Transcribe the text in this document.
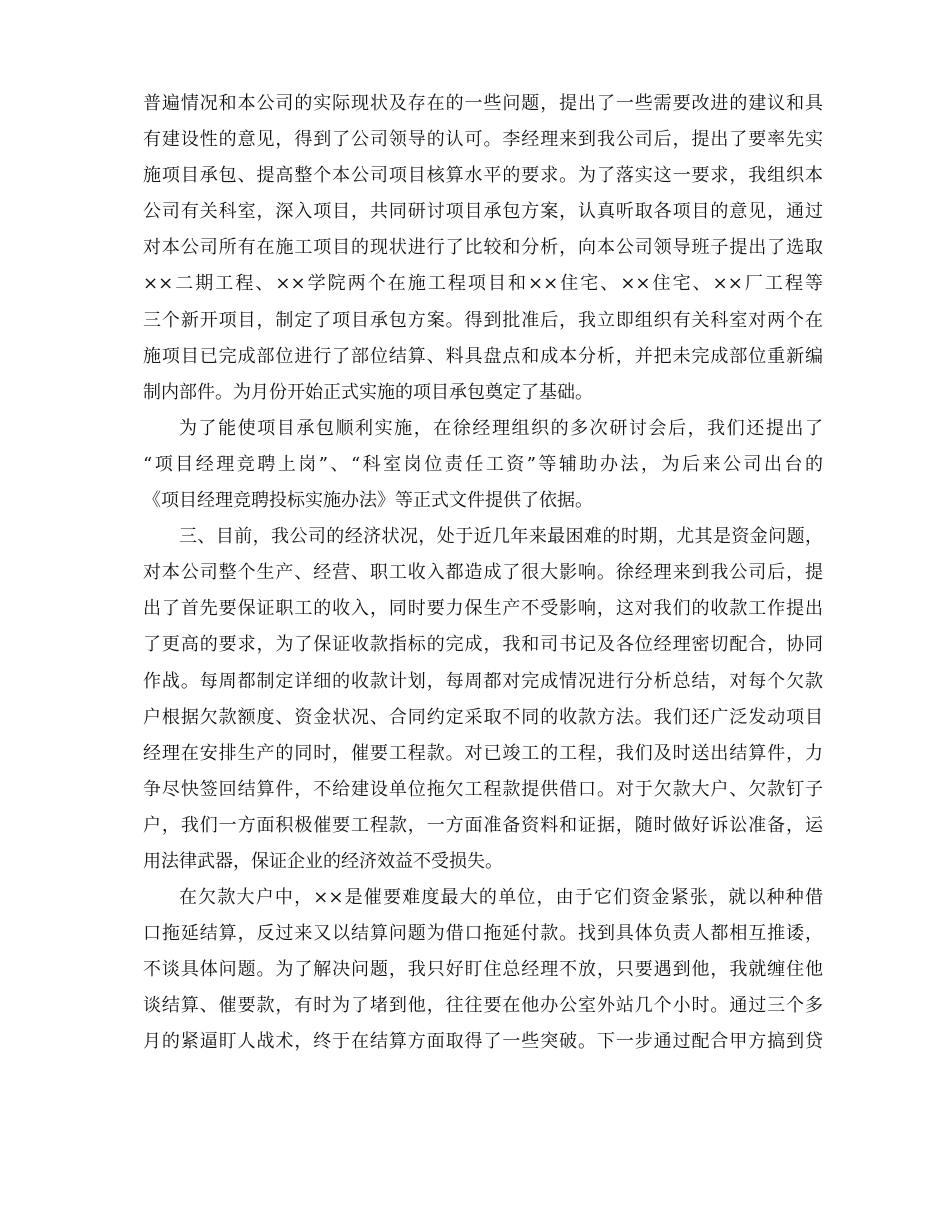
普遍情况和本公司的实际现状及存在的一些问题，提出了一些需要改进的建议和具
有建设性的意见，得到了公司领导的认可。李经理来到我公司后，提出了要率先实
施项目承包、提高整个本公司项目核算水平的要求。为了落实这一要求，我组织本
公司有关科室，深入项目，共同研讨项目承包方案，认真听取各项目的意见，通过
对本公司所有在施工项目的现状进行了比较和分析，向本公司领导班子提出了选取
××二期工程、××学院两个在施工程项目和××住宅、××住宅、××厂工程等
三个新开项目，制定了项目承包方案。得到批准后，我立即组织有关科室对两个在
施项目已完成部位进行了部位结算、料具盘点和成本分析，并把未完成部位重新编
制内部件。为月份开始正式实施的项目承包奠定了基础。
为了能使项目承包顺利实施，在徐经理组织的多次研讨会后，我们还提出了
“项目经理竞聘上岗”、“科室岗位责任工资”等辅助办法，为后来公司出台的
《项目经理竞聘投标实施办法》等正式文件提供了依据。
三、目前，我公司的经济状况，处于近几年来最困难的时期，尤其是资金问题，
对本公司整个生产、经营、职工收入都造成了很大影响。徐经理来到我公司后，提
出了首先要保证职工的收入，同时要力保生产不受影响，这对我们的收款工作提出
了更高的要求，为了保证收款指标的完成，我和司书记及各位经理密切配合，协同
作战。每周都制定详细的收款计划，每周都对完成情况进行分析总结，对每个欠款
户根据欠款额度、资金状况、合同约定采取不同的收款方法。我们还广泛发动项目
经理在安排生产的同时，催要工程款。对已竣工的工程，我们及时送出结算件，力
争尽快签回结算件，不给建设单位拖欠工程款提供借口。对于欠款大户、欠款钉子
户，我们一方面积极催要工程款，一方面准备资料和证据，随时做好诉讼准备，运
用法律武器，保证企业的经济效益不受损失。
在欠款大户中，××是催要难度最大的单位，由于它们资金紧张，就以种种借
口拖延结算，反过来又以结算问题为借口拖延付款。找到具体负责人都相互推诿，
不谈具体问题。为了解决问题，我只好盯住总经理不放，只要遇到他，我就缠住他
谈结算、催要款，有时为了堵到他，往往要在他办公室外站几个小时。通过三个多
月的紧逼盯人战术，终于在结算方面取得了一些突破。下一步通过配合甲方搞到贷
